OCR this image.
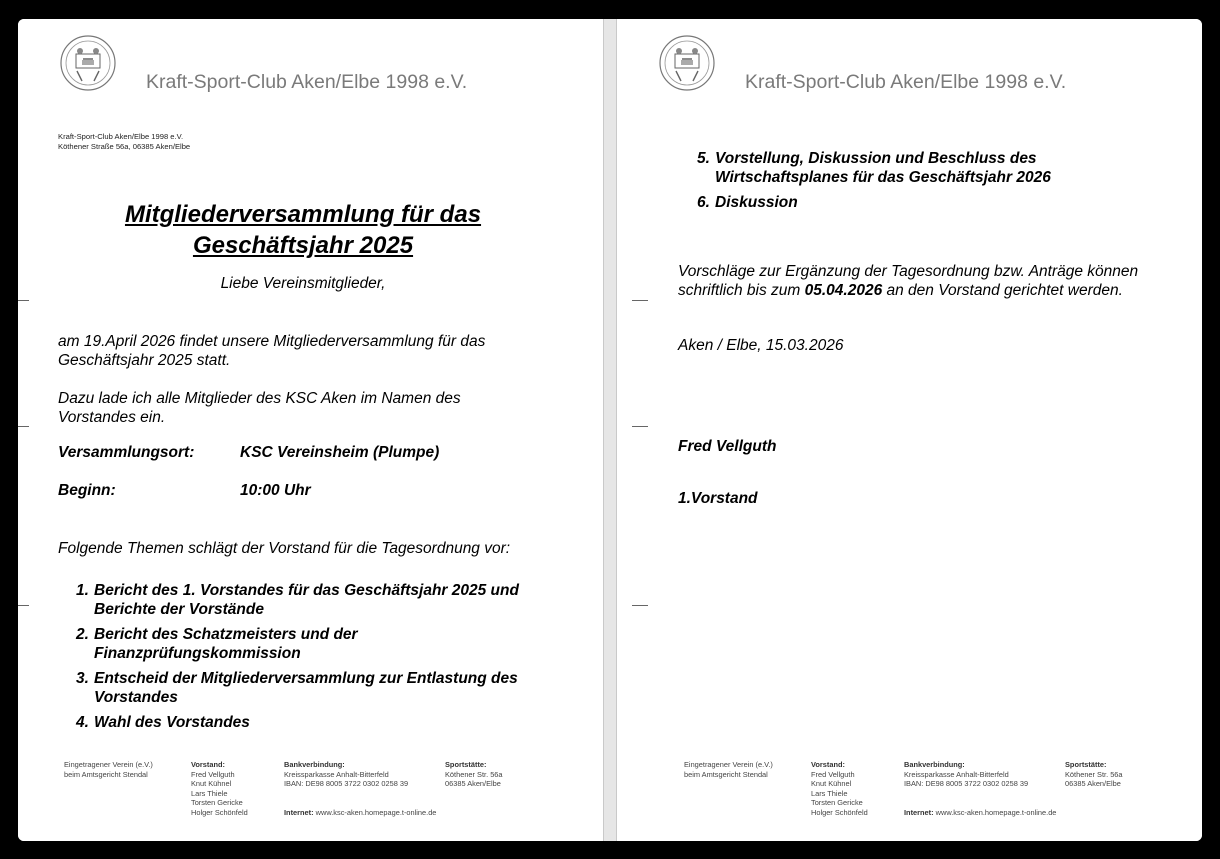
Kraft-Sport-Club Aken/Elbe 1998 e.V.
Kraft-Sport-Club Aken/Elbe 1998 e.V.
Köthener Straße 56a, 06385 Aken/Elbe
Mitgliederversammlung für das
Geschäftsjahr 2025
Liebe Vereinsmitglieder,
am 19.April 2026 findet unsere Mitgliederversammlung für das
Geschäftsjahr 2025 statt.
Dazu lade ich alle Mitglieder des KSC Aken im Namen des
Vorstandes ein.
Versammlungsort:	KSC Vereinsheim (Plumpe)
Beginn:	10:00 Uhr
Folgende Themen schlägt der Vorstand für die Tagesordnung vor:
1. Bericht des 1. Vorstandes für das Geschäftsjahr 2025 und
Berichte der Vorstände
2. Bericht des Schatzmeisters und der
Finanzprüfungskommission
3. Entscheid der Mitgliederversammlung zur Entlastung des
Vorstandes
4. Wahl des Vorstandes
Eingetragener Verein (e.V.)
beim Amtsgericht Stendal
Vorstand:
Fred Vellguth
Knut Kühnel
Lars Thiele
Torsten Gericke
Holger Schönfeld
Bankverbindung:
Kreissparkasse Anhalt-Bitterfeld
IBAN: DE98 8005 3722 0302 0258 39
Internet: www.ksc-aken.homepage.t-online.de
Sportstätte:
Köthener Str. 56a
06385 Aken/Elbe
Kraft-Sport-Club Aken/Elbe 1998 e.V.
5. Vorstellung, Diskussion und Beschluss des
Wirtschaftsplanes für das Geschäftsjahr 2026
6. Diskussion
Vorschläge zur Ergänzung der Tagesordnung bzw. Anträge können
schriftlich bis zum 05.04.2026 an den Vorstand gerichtet werden.
Aken / Elbe, 15.03.2026
Fred Vellguth
1.Vorstand
Eingetragener Verein (e.V.)
beim Amtsgericht Stendal
Vorstand:
Fred Vellguth
Knut Kühnel
Lars Thiele
Torsten Gericke
Holger Schönfeld
Bankverbindung:
Kreissparkasse Anhalt-Bitterfeld
IBAN: DE98 8005 3722 0302 0258 39
Internet: www.ksc-aken.homepage.t-online.de
Sportstätte:
Köthener Str. 56a
06385 Aken/Elbe
